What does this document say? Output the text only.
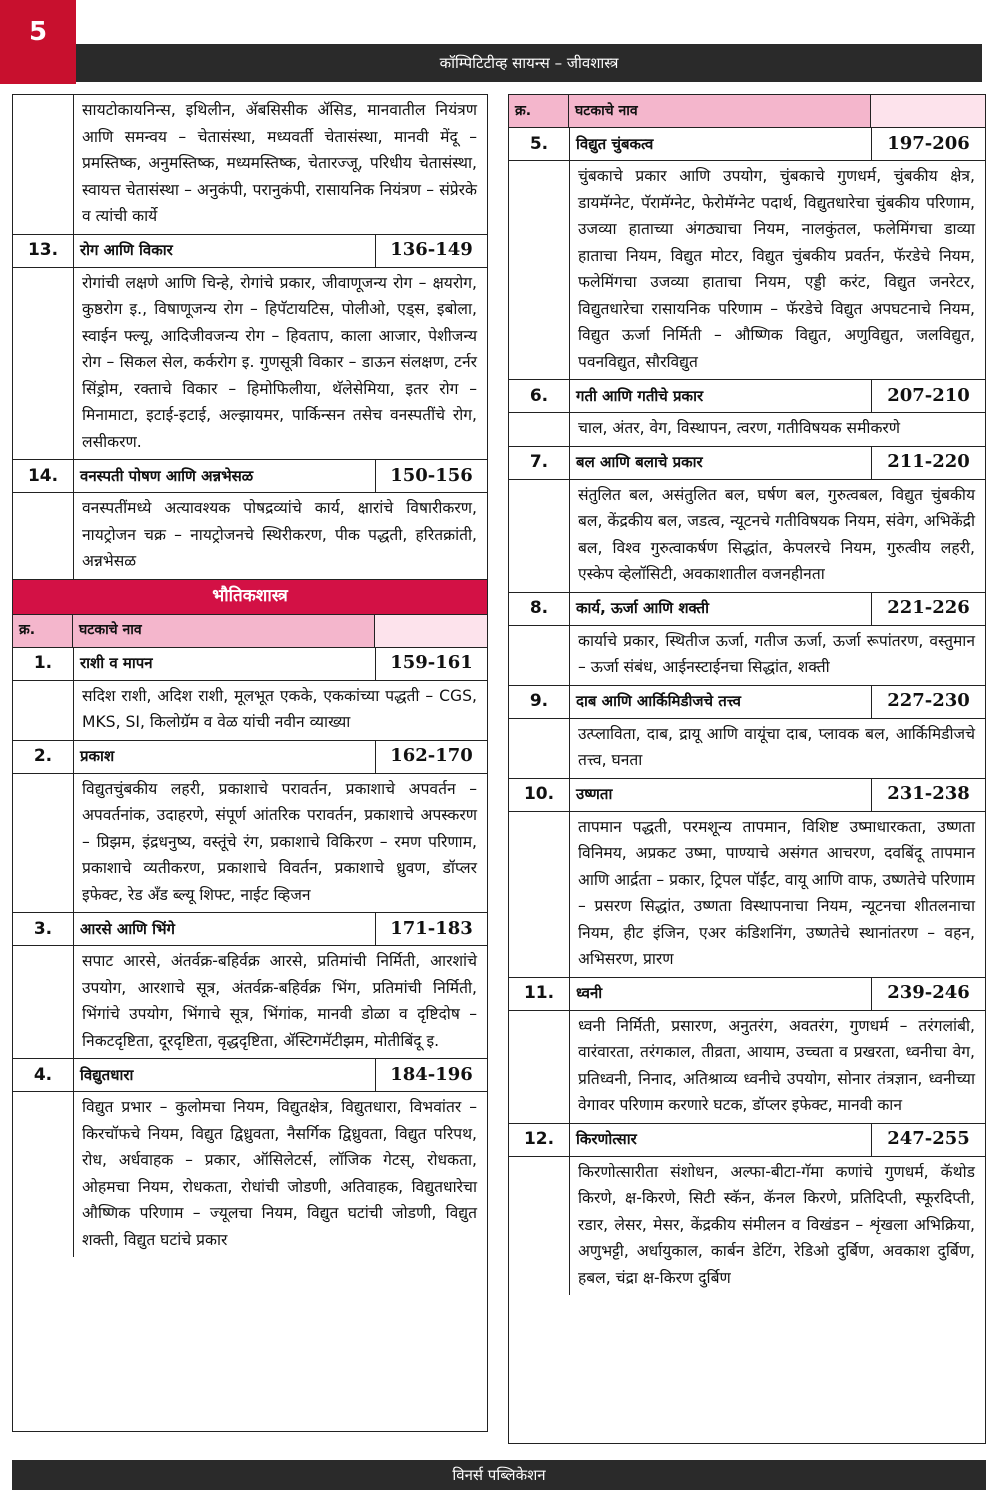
5
कॉम्पिटिटीव्ह सायन्स – जीवशास्त्र
सायटोकायनिन्स, इथिलीन, ॲबसिसीक ॲसिड, मानवातील नियंत्रण आणि समन्वय – चेतासंस्था, मध्यवर्ती चेतासंस्था, मानवी मेंदू – प्रमस्तिष्क, अनुमस्तिष्क, मध्यमस्तिष्क, चेतारज्जू, परिधीय चेतासंस्था, स्वायत्त चेतासंस्था – अनुकंपी, परानुकंपी, रासायनिक नियंत्रण – संप्रेरके व त्यांची कार्ये
13.	रोग आणि विकार	136-149
रोगांची लक्षणे आणि चिन्हे, रोगांचे प्रकार, जीवाणूजन्य रोग – क्षयरोग, कुष्ठरोग इ., विषाणूजन्य रोग – हिपॅटायटिस, पोलीओ, एड्स, इबोला, स्वाईन फ्ल्यू, आदिजीवजन्य रोग – हिवताप, काला आजार, पेशीजन्य रोग – सिकल सेल, कर्करोग इ. गुणसूत्री विकार – डाऊन संलक्षण, टर्नर सिंड्रोम, रक्ताचे विकार – हिमोफिलीया, थॅलेसेमिया, इतर रोग – मिनामाटा, इटाई-इटाई, अल्झायमर, पार्किन्सन तसेच वनस्पतींचे रोग, लसीकरण.
14.	वनस्पती पोषण आणि अन्नभेसळ	150-156
वनस्पतींमध्ये अत्यावश्यक पोषद्रव्यांचे कार्य, क्षारांचे विषारीकरण, नायट्रोजन चक्र – नायट्रोजनचे स्थिरीकरण, पीक पद्धती, हरितक्रांती, अन्नभेसळ
भौतिकशास्त्र
क्र.	घटकाचे नाव
1.	राशी व मापन	159-161
सदिश राशी, अदिश राशी, मूलभूत एकके, एककांच्या पद्धती – CGS, MKS, SI, किलोग्रॅम व वेळ यांची नवीन व्याख्या
2.	प्रकाश	162-170
विद्युतचुंबकीय लहरी, प्रकाशाचे परावर्तन, प्रकाशाचे अपवर्तन – अपवर्तनांक, उदाहरणे, संपूर्ण आंतरिक परावर्तन, प्रकाशाचे अपस्करण – प्रिझम, इंद्रधनुष्य, वस्तूंचे रंग, प्रकाशाचे विकिरण – रमण परिणाम, प्रकाशाचे व्यतीकरण, प्रकाशाचे विवर्तन, प्रकाशाचे ध्रुवण, डॉप्लर इफेक्ट, रेड अँड ब्ल्यू शिफ्ट, नाईट व्हिजन
3.	आरसे आणि भिंगे	171-183
सपाट आरसे, अंतर्वक्र-बहिर्वक्र आरसे, प्रतिमांची निर्मिती, आरशांचे उपयोग, आरशाचे सूत्र, अंतर्वक्र-बहिर्वक्र भिंग, प्रतिमांची निर्मिती, भिंगांचे उपयोग, भिंगाचे सूत्र, भिंगांक, मानवी डोळा व दृष्टिदोष – निकटदृष्टिता, दूरदृष्टिता, वृद्धदृष्टिता, ॲस्टिगमॅटीझम, मोतीबिंदू इ.
4.	विद्युतधारा	184-196
विद्युत प्रभार – कुलोमचा नियम, विद्युतक्षेत्र, विद्युतधारा, विभवांतर – किरचॉफचे नियम, विद्युत द्विध्रुवता, नैसर्गिक द्विध्रुवता, विद्युत परिपथ, रोध, अर्धवाहक – प्रकार, ऑसिलेटर्स, लॉजिक गेटस्, रोधकता, ओहमचा नियम, रोधकता, रोधांची जोडणी, अतिवाहक, विद्युतधारेचा औष्णिक परिणाम – ज्यूलचा नियम, विद्युत घटांची जोडणी, विद्युत शक्ती, विद्युत घटांचे प्रकार
क्र.	घटकाचे नाव
5.	विद्युत चुंबकत्व	197-206
चुंबकाचे प्रकार आणि उपयोग, चुंबकाचे गुणधर्म, चुंबकीय क्षेत्र, डायमॅग्नेट, पॅरामॅग्नेट, फेरोमॅग्नेट पदार्थ, विद्युतधारेचा चुंबकीय परिणाम, उजव्या हाताच्या अंगठ्याचा नियम, नालकुंतल, फलेमिंगचा डाव्या हाताचा नियम, विद्युत मोटर, विद्युत चुंबकीय प्रवर्तन, फॅरडेचे नियम, फलेमिंगचा उजव्या हाताचा नियम, एड्डी करंट, विद्युत जनरेटर, विद्युतधारेचा रासायनिक परिणाम – फॅरडेचे विद्युत अपघटनाचे नियम, विद्युत ऊर्जा निर्मिती – औष्णिक विद्युत, अणुविद्युत, जलविद्युत, पवनविद्युत, सौरविद्युत
6.	गती आणि गतीचे प्रकार	207-210
चाल, अंतर, वेग, विस्थापन, त्वरण, गतीविषयक समीकरणे
7.	बल आणि बलाचे प्रकार	211-220
संतुलित बल, असंतुलित बल, घर्षण बल, गुरुत्वबल, विद्युत चुंबकीय बल, केंद्रकीय बल, जडत्व, न्यूटनचे गतीविषयक नियम, संवेग, अभिकेंद्री बल, विश्व गुरुत्वाकर्षण सिद्धांत, केपलरचे नियम, गुरुत्वीय लहरी, एस्केप व्हेलॉसिटी, अवकाशातील वजनहीनता
8.	कार्य, ऊर्जा आणि शक्ती	221-226
कार्याचे प्रकार, स्थितीज ऊर्जा, गतीज ऊर्जा, ऊर्जा रूपांतरण, वस्तुमान – ऊर्जा संबंध, आईनस्टाईनचा सिद्धांत, शक्ती
9.	दाब आणि आर्किमिडीजचे तत्त्व	227-230
उत्प्लाविता, दाब, द्रायू आणि वायूंचा दाब, प्लावक बल, आर्किमिडीजचे तत्त्व, घनता
10.	उष्णता	231-238
तापमान पद्धती, परमशून्य तापमान, विशिष्ट उष्माधारकता, उष्णता विनिमय, अप्रकट उष्मा, पाण्याचे असंगत आचरण, दवबिंदू तापमान आणि आर्द्रता – प्रकार, ट्रिपल पॉईंट, वायू आणि वाफ, उष्णतेचे परिणाम – प्रसरण सिद्धांत, उष्णता विस्थापनाचा नियम, न्यूटनचा शीतलनाचा नियम, हीट इंजिन, एअर कंडिशनिंग, उष्णतेचे स्थानांतरण – वहन, अभिसरण, प्रारण
11.	ध्वनी	239-246
ध्वनी निर्मिती, प्रसारण, अनुतरंग, अवतरंग, गुणधर्म – तरंगलांबी, वारंवारता, तरंगकाल, तीव्रता, आयाम, उच्चता व प्रखरता, ध्वनीचा वेग, प्रतिध्वनी, निनाद, अतिश्राव्य ध्वनीचे उपयोग, सोनार तंत्रज्ञान, ध्वनीच्या वेगावर परिणाम करणारे घटक, डॉप्लर इफेक्ट, मानवी कान
12.	किरणोत्सार	247-255
किरणोत्सारीता संशोधन, अल्फा-बीटा-गॅमा कणांचे गुणधर्म, कॅथोड किरणे, क्ष-किरणे, सिटी स्कॅन, कॅनल किरणे, प्रतिदिप्ती, स्फूरदिप्ती, रडार, लेसर, मेसर, केंद्रकीय संमीलन व विखंडन – शृंखला अभिक्रिया, अणुभट्टी, अर्धायुकाल, कार्बन डेटिंग, रेडिओ दुर्बिण, अवकाश दुर्बिण, हबल, चंद्रा क्ष-किरण दुर्बिण
विनर्स पब्लिकेशन
